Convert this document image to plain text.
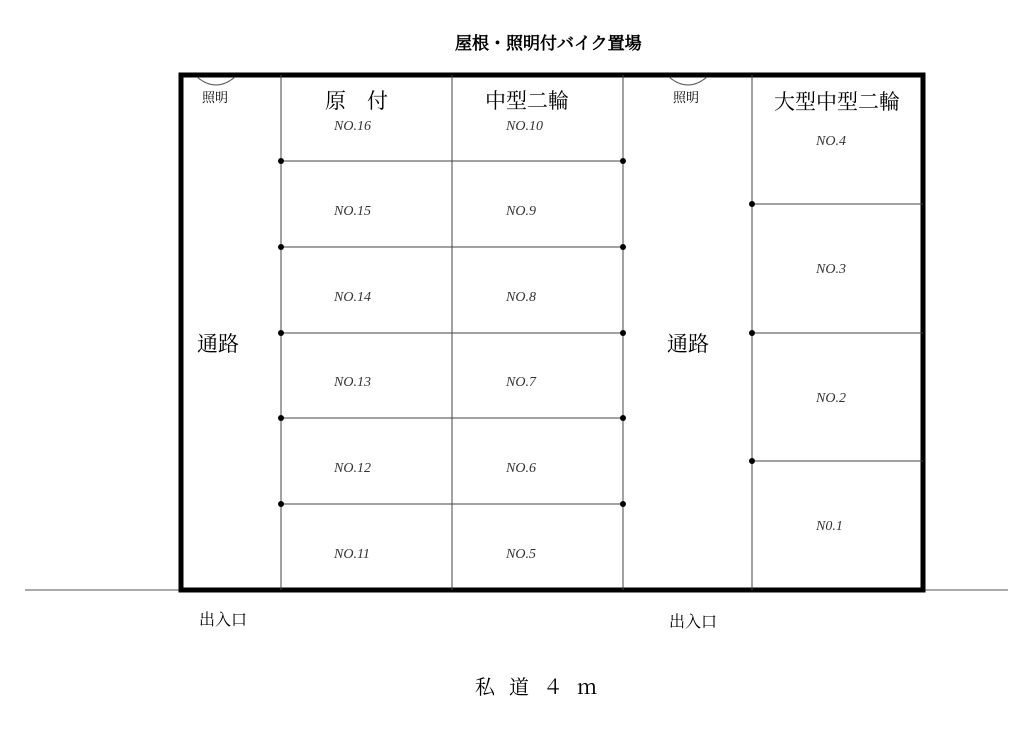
屋根・照明付バイク置場
照明	照明
原　付	中型二輪	大型中型二輪
通路	通路
NO.16
NO.15
NO.14
NO.13
NO.12
NO.11
NO.10
NO.9
NO.8
NO.7
NO.6
NO.5
NO.4
NO.3
NO.2
N0.1
出入口	出入口
私道４ｍ
